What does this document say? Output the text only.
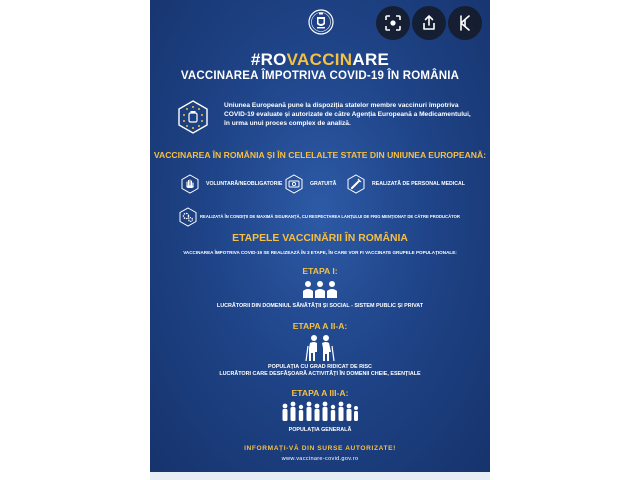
#ROVACCINARE
VACCINAREA ÎMPOTRIVA COVID-19 ÎN ROMÂNIA
Uniunea Europeană pune la dispoziția statelor membre vaccinuri împotriva COVID-19 evaluate și autorizate de către Agenția Europeană a Medicamentului, în urma unui proces complex de analiză.
VACCINAREA ÎN ROMÂNIA ȘI ÎN CELELALTE STATE DIN UNIUNEA EUROPEANĂ:
VOLUNTARĂ/NEOBLIGATORIE	GRATUITĂ	REALIZATĂ DE PERSONAL MEDICAL
REALIZATĂ ÎN CONDIȚII DE MAXIMĂ SIGURANȚĂ, CU RESPECTAREA LANȚULUI DE FRIG MENȚIONAT DE CĂTRE PRODUCĂTOR
ETAPELE VACCINĂRII ÎN ROMÂNIA
VACCINAREA ÎMPOTRIVA COVID-19 SE REALIZEAZĂ ÎN 3 ETAPE, ÎN CARE VOR FI VACCINATE GRUPELE POPULAȚIONALE:
ETAPA I:
LUCRĂTORII DIN DOMENIUL SĂNĂTĂȚII ȘI SOCIAL - SISTEM PUBLIC ȘI PRIVAT
ETAPA A II-A:
POPULAȚIA CU GRAD RIDICAT DE RISC
LUCRĂTORI CARE DESFĂȘOARĂ ACTIVITĂȚI ÎN DOMENII CHEIE, ESENȚIALE
ETAPA A III-A:
POPULAȚIA GENERALĂ
INFORMAȚI-VĂ DIN SURSE AUTORIZATE!
www.vaccinare-covid.gov.ro
